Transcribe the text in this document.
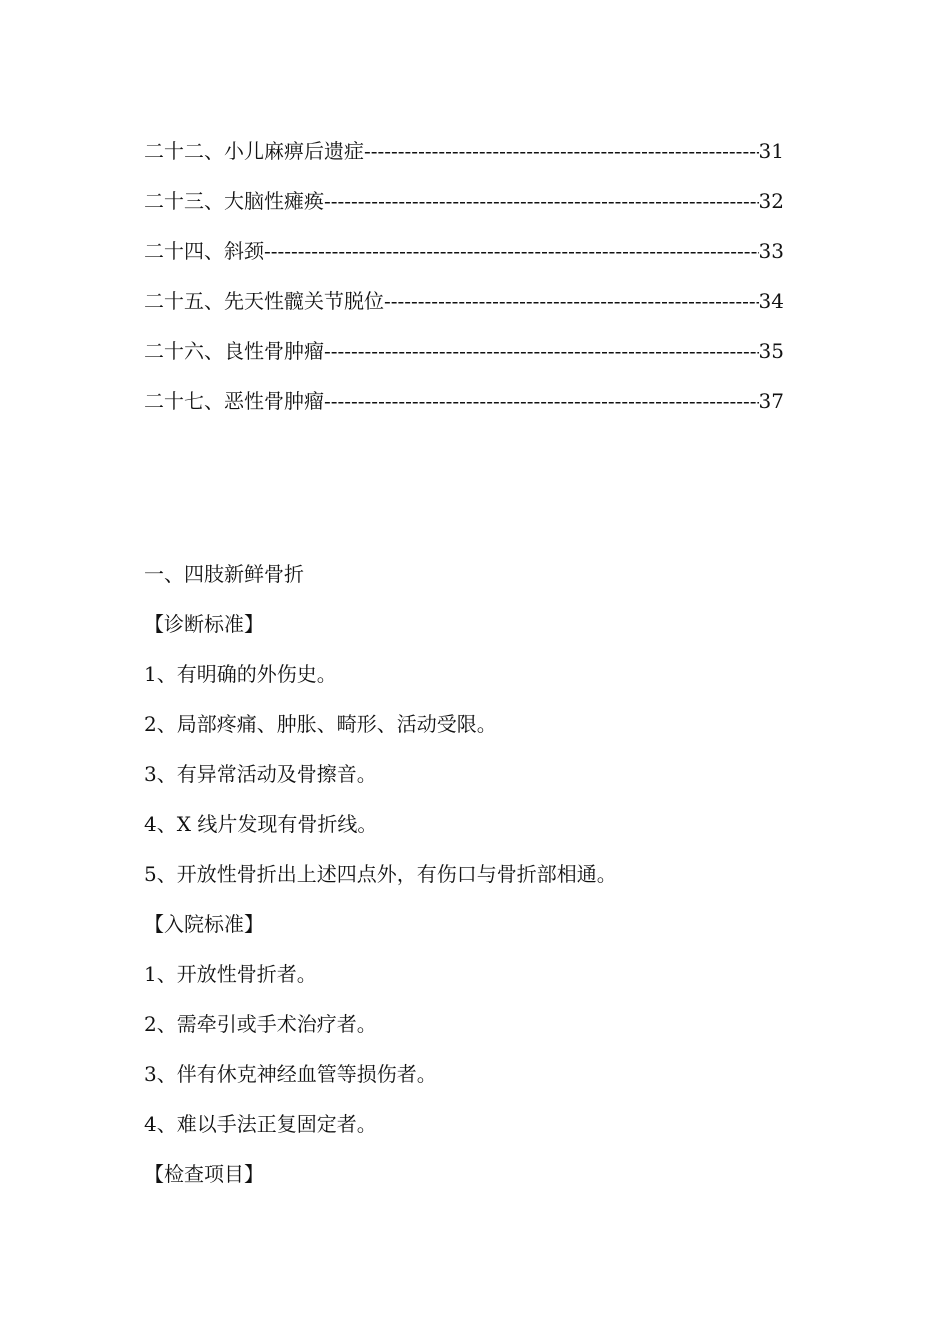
二十二、小儿麻痹后遗症 -----	31
二十三、大脑性瘫痪 -----	32
二十四、斜颈 -----	33
二十五、先天性髋关节脱位 -----	34
二十六、良性骨肿瘤 -----	35
二十七、恶性骨肿瘤 -----	37
一、四肢新鲜骨折
【诊断标准】
1、有明确的外伤史。
2、局部疼痛、肿胀、畸形、活动受限。
3、有异常活动及骨擦音。
4、X 线片发现有骨折线。
5、开放性骨折出上述四点外，有伤口与骨折部相通。
【入院标准】
1、开放性骨折者。
2、需牵引或手术治疗者。
3、伴有休克神经血管等损伤者。
4、难以手法正复固定者。
【检查项目】
